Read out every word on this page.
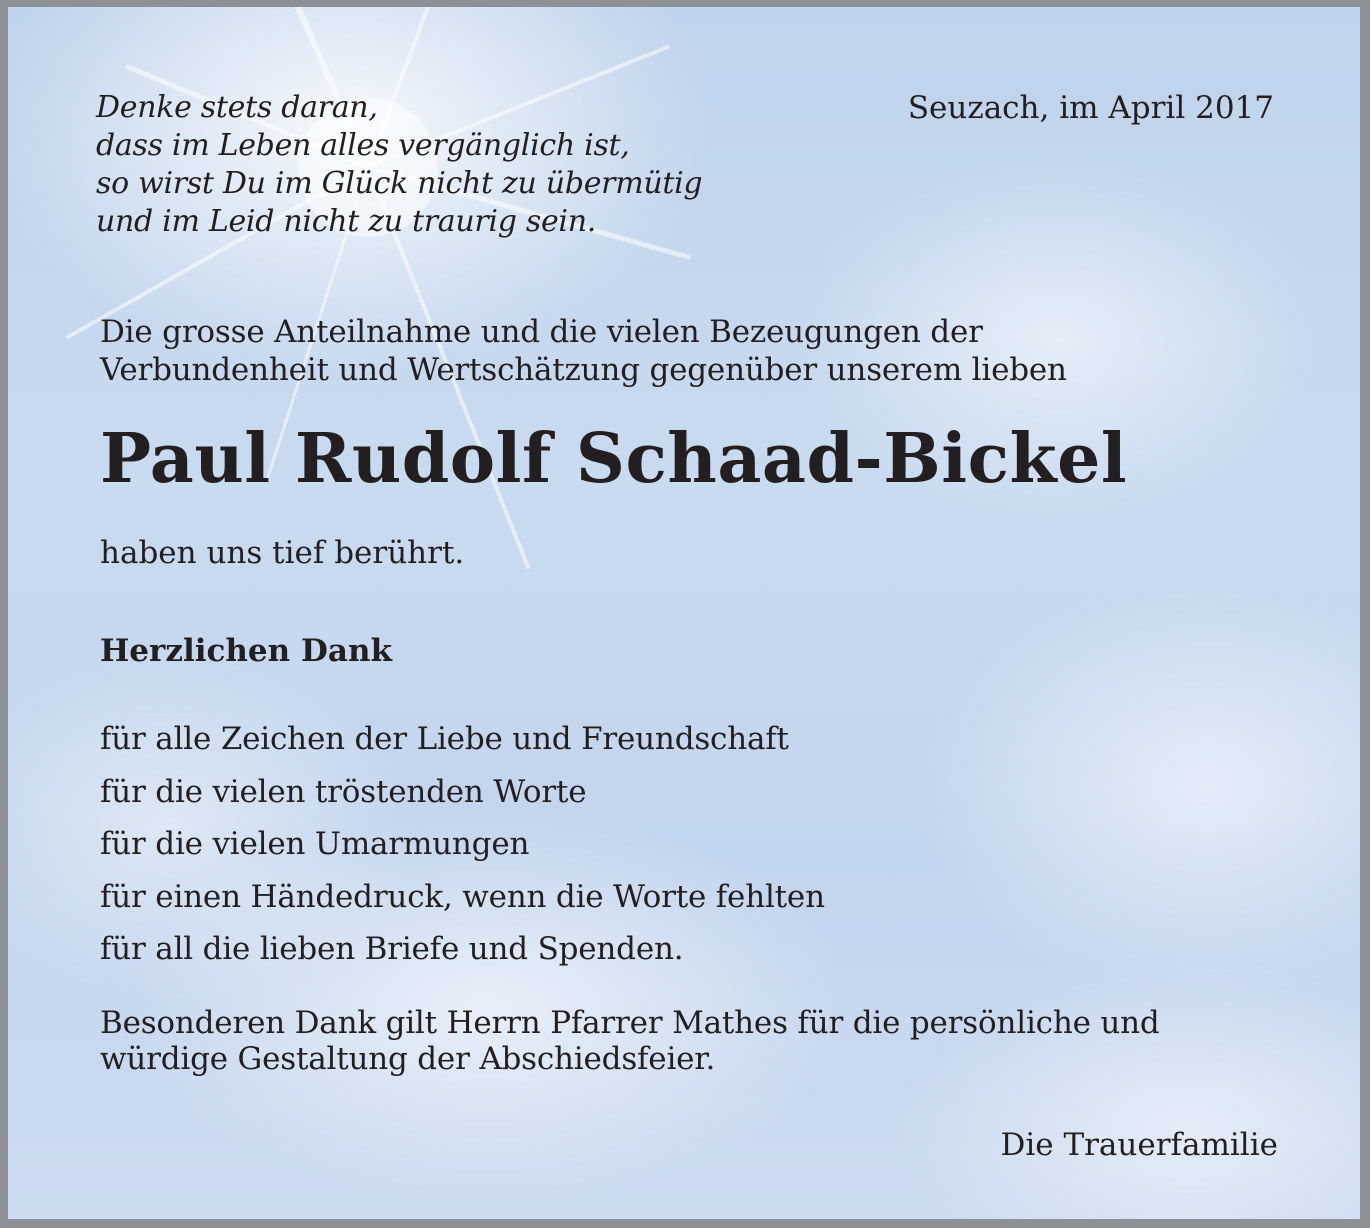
Denke stets daran,
dass im Leben alles vergänglich ist,
so wirst Du im Glück nicht zu übermütig
und im Leid nicht zu traurig sein.
Seuzach, im April 2017
Die grosse Anteilnahme und die vielen Bezeugungen der
Verbundenheit und Wertschätzung gegenüber unserem lieben
Paul Rudolf Schaad-Bickel
haben uns tief berührt.
Herzlichen Dank
für alle Zeichen der Liebe und Freundschaft
für die vielen tröstenden Worte
für die vielen Umarmungen
für einen Händedruck, wenn die Worte fehlten
für all die lieben Briefe und Spenden.
Besonderen Dank gilt Herrn Pfarrer Mathes für die persönliche und
würdige Gestaltung der Abschiedsfeier.
Die Trauerfamilie
